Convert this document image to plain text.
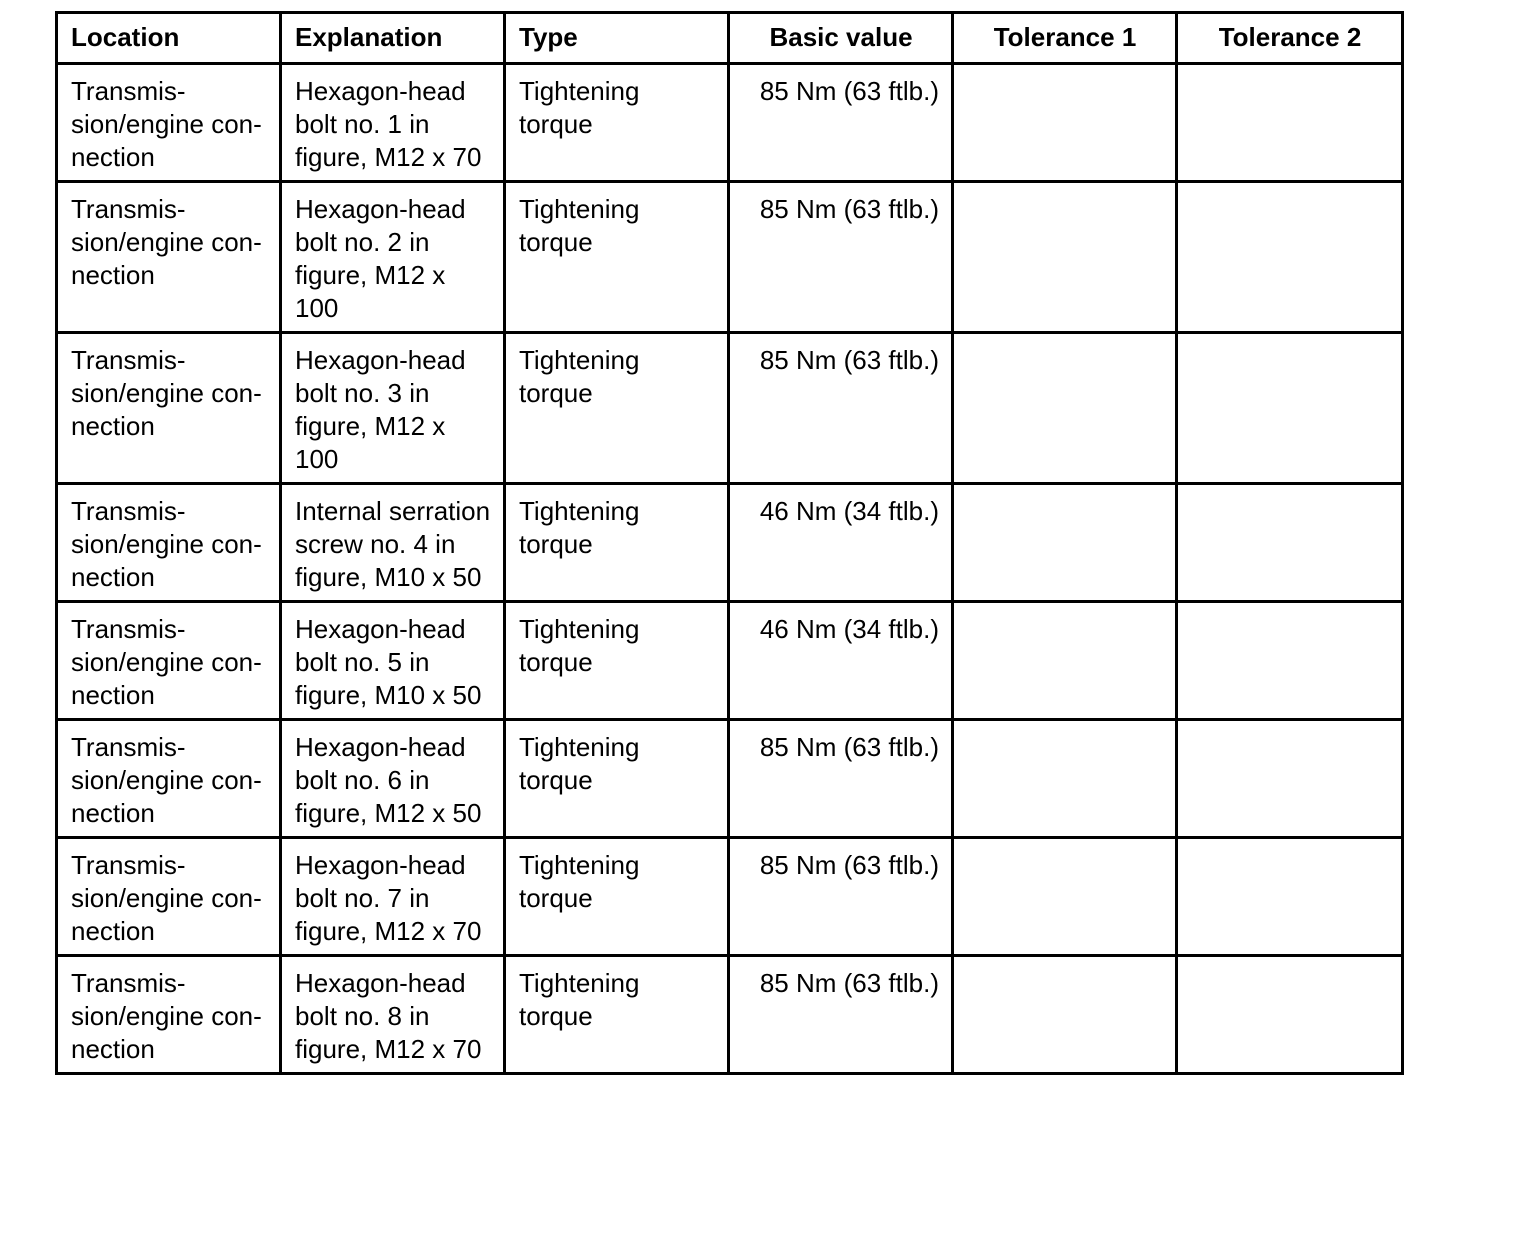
Location	Explanation	Type	Basic value	Tolerance 1	Tolerance 2

Transmis-
sion/engine con-
nection	Hexagon-head
bolt no. 1 in
figure, M12 x 70	Tightening
torque	85 Nm (63 ftlb.)		

Transmis-
sion/engine con-
nection	Hexagon-head
bolt no. 2 in
figure, M12 x
100	Tightening
torque	85 Nm (63 ftlb.)		

Transmis-
sion/engine con-
nection	Hexagon-head
bolt no. 3 in
figure, M12 x
100	Tightening
torque	85 Nm (63 ftlb.)		

Transmis-
sion/engine con-
nection	Internal serration
screw no. 4 in
figure, M10 x 50	Tightening
torque	46 Nm (34 ftlb.)		

Transmis-
sion/engine con-
nection	Hexagon-head
bolt no. 5 in
figure, M10 x 50	Tightening
torque	46 Nm (34 ftlb.)		

Transmis-
sion/engine con-
nection	Hexagon-head
bolt no. 6 in
figure, M12 x 50	Tightening
torque	85 Nm (63 ftlb.)		

Transmis-
sion/engine con-
nection	Hexagon-head
bolt no. 7 in
figure, M12 x 70	Tightening
torque	85 Nm (63 ftlb.)		

Transmis-
sion/engine con-
nection	Hexagon-head
bolt no. 8 in
figure, M12 x 70	Tightening
torque	85 Nm (63 ftlb.)		
